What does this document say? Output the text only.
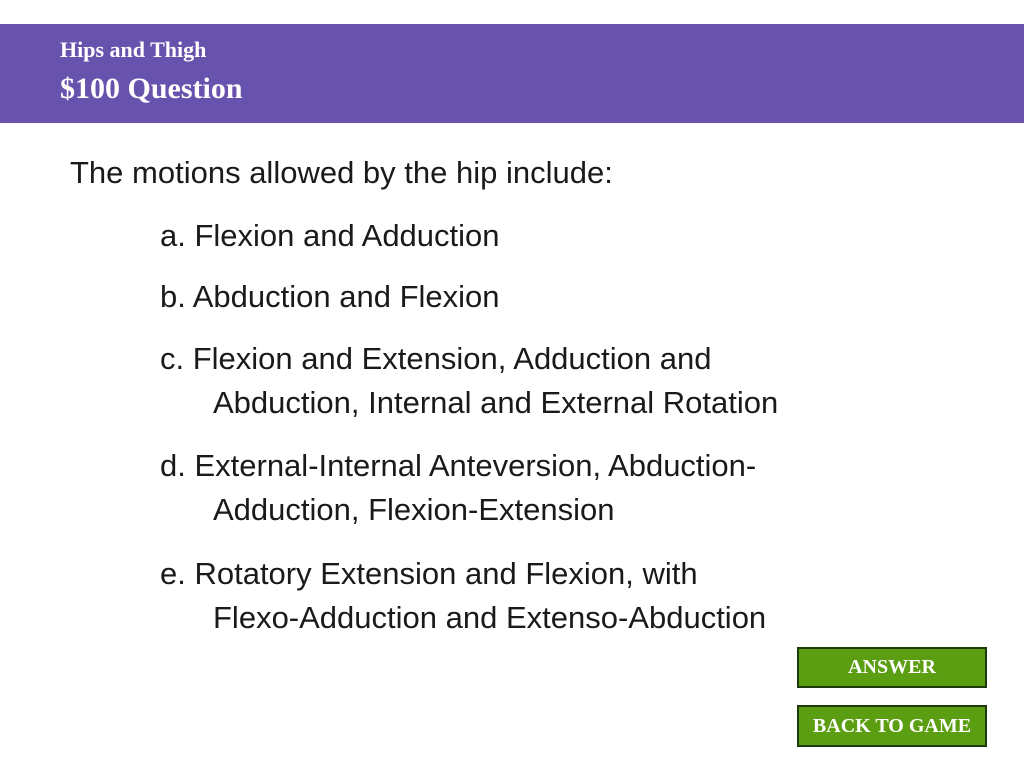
Hips and Thigh
$100 Question
The motions allowed by the hip include:
a. Flexion and Adduction
b. Abduction and Flexion
c. Flexion and Extension, Adduction and
Abduction, Internal and External Rotation
d. External-Internal Anteversion, Abduction-
Adduction, Flexion-Extension
e. Rotatory Extension and Flexion, with
Flexo-Adduction and Extenso-Abduction
ANSWER
BACK TO GAME
